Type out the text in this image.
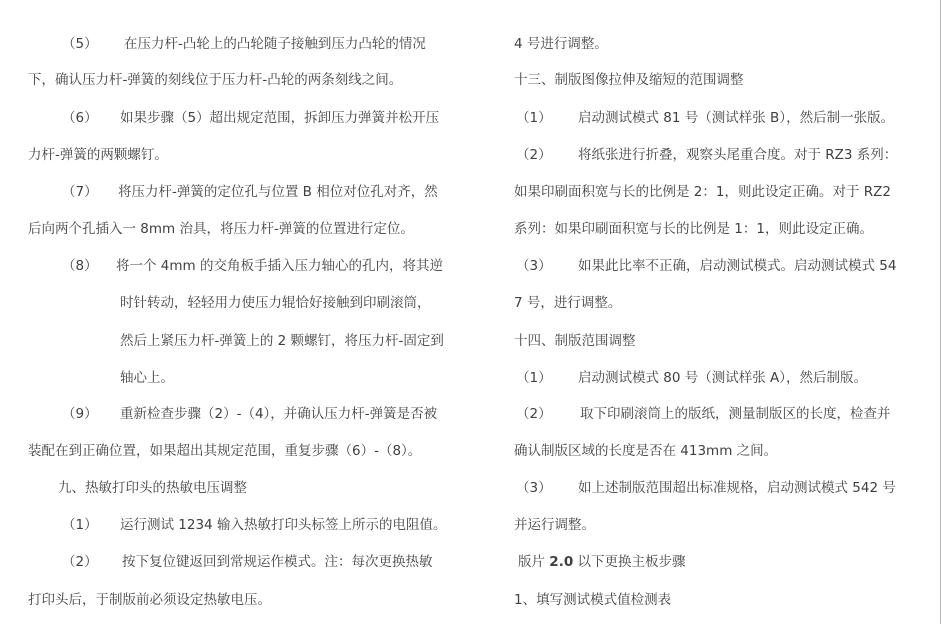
（5） 在压力杆-凸轮上的凸轮随子接触到压力凸轮的情况
下，确认压力杆-弹簧的刻线位于压力杆-凸轮的两条刻线之间。
（6） 如果步骤（5）超出规定范围，拆卸压力弹簧并松开压
力杆-弹簧的两颗螺钉。
（7） 将压力杆-弹簧的定位孔与位置 B 相位对位孔对齐，然
后向两个孔插入一 8mm 治具，将压力杆-弹簧的位置进行定位。
（8） 将一个 4mm 的交角板手插入压力轴心的孔内，将其逆
时针转动，轻轻用力使压力辊恰好接触到印刷滚筒，
然后上紧压力杆-弹簧上的 2 颗螺钉，将压力杆-固定到
轴心上。
（9） 重新检查步骤（2）-（4），并确认压力杆-弹簧是否被
装配在到正确位置，如果超出其规定范围，重复步骤（6）-（8）。
九、热敏打印头的热敏电压调整
（1） 运行测试 1234 输入热敏打印头标签上所示的电阻值。
（2） 按下复位键返回到常规运作模式。注：每次更换热敏
打印头后，于制版前必须设定热敏电压。
4 号进行调整。
十三、制版图像拉伸及缩短的范围调整
（1） 启动测试模式 81 号（测试样张 B），然后制一张版。
（2） 将纸张进行折叠，观察头尾重合度。对于 RZ3 系列：
如果印刷面积宽与长的比例是 2：1，则此设定正确。对于 RZ2
系列：如果印刷面积宽与长的比例是 1：1，则此设定正确。
（3） 如果此比率不正确，启动测试模式。启动测试模式 54
7 号，进行调整。
十四、制版范围调整
（1） 启动测试模式 80 号（测试样张 A），然后制版。
（2） 取下印刷滚筒上的版纸，测量制版区的长度，检查并
确认制版区域的长度是否在 413mm 之间。
（3） 如上述制版范围超出标准规格，启动测试模式 542 号
并运行调整。
版片 2.0 以下更换主板步骤
1、填写测试模式值检测表
